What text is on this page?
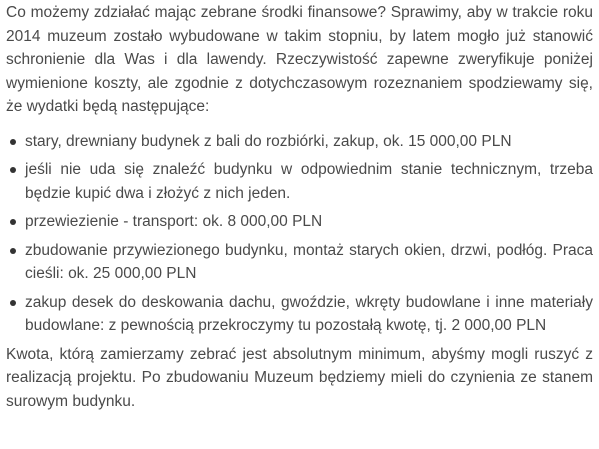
Co możemy zdziałać mając zebrane środki finansowe? Sprawimy, aby w trakcie roku 2014 muzeum zostało wybudowane w takim stopniu, by latem mogło już stanowić schronienie dla Was i dla lawendy. Rzeczywistość zapewne zweryfikuje poniżej wymienione koszty, ale zgodnie z dotychczasowym rozeznaniem spodziewamy się, że wydatki będą następujące:

stary, drewniany budynek z bali do rozbiórki, zakup, ok. 15 000,00 PLN
jeśli nie uda się znaleźć budynku w odpowiednim stanie technicznym, trzeba będzie kupić dwa i złożyć z nich jeden.
przewiezienie - transport: ok. 8 000,00 PLN
zbudowanie przywiezionego budynku, montaż starych okien, drzwi, podłóg. Praca cieśli: ok. 25 000,00 PLN
zakup desek do deskowania dachu, gwoździe, wkręty budowlane i inne materiały budowlane: z pewnością przekroczymy tu pozostałą kwotę, tj. 2 000,00 PLN

Kwota, którą zamierzamy zebrać jest absolutnym minimum, abyśmy mogli ruszyć z realizacją projektu. Po zbudowaniu Muzeum będziemy mieli do czynienia ze stanem surowym budynku.
